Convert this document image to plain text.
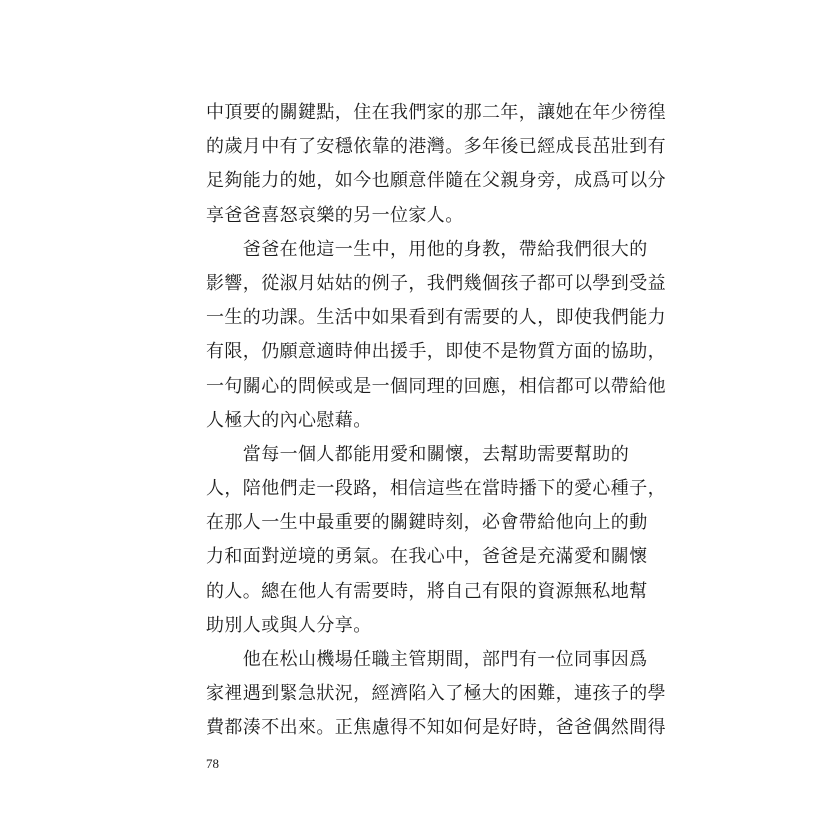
中頂要的關鍵點，住在我們家的那二年，讓她在年少徬徨
的歲月中有了安穩依靠的港灣。多年後已經成長茁壯到有
足夠能力的她，如今也願意伴隨在父親身旁，成爲可以分
享爸爸喜怒哀樂的另一位家人。
　　爸爸在他這一生中，用他的身教，帶給我們很大的
影響，從淑月姑姑的例子，我們幾個孩子都可以學到受益
一生的功課。生活中如果看到有需要的人，即使我們能力
有限，仍願意適時伸出援手，即使不是物質方面的協助，
一句關心的問候或是一個同理的回應，相信都可以帶給他
人極大的內心慰藉。
　　當每一個人都能用愛和關懷，去幫助需要幫助的
人，陪他們走一段路，相信這些在當時播下的愛心種子，
在那人一生中最重要的關鍵時刻，必會帶給他向上的動
力和面對逆境的勇氣。在我心中，爸爸是充滿愛和關懷
的人。總在他人有需要時，將自己有限的資源無私地幫
助別人或與人分享。
　　他在松山機場任職主管期間，部門有一位同事因爲
家裡遇到緊急狀況，經濟陷入了極大的困難，連孩子的學
費都湊不出來。正焦慮得不知如何是好時，爸爸偶然間得
78
